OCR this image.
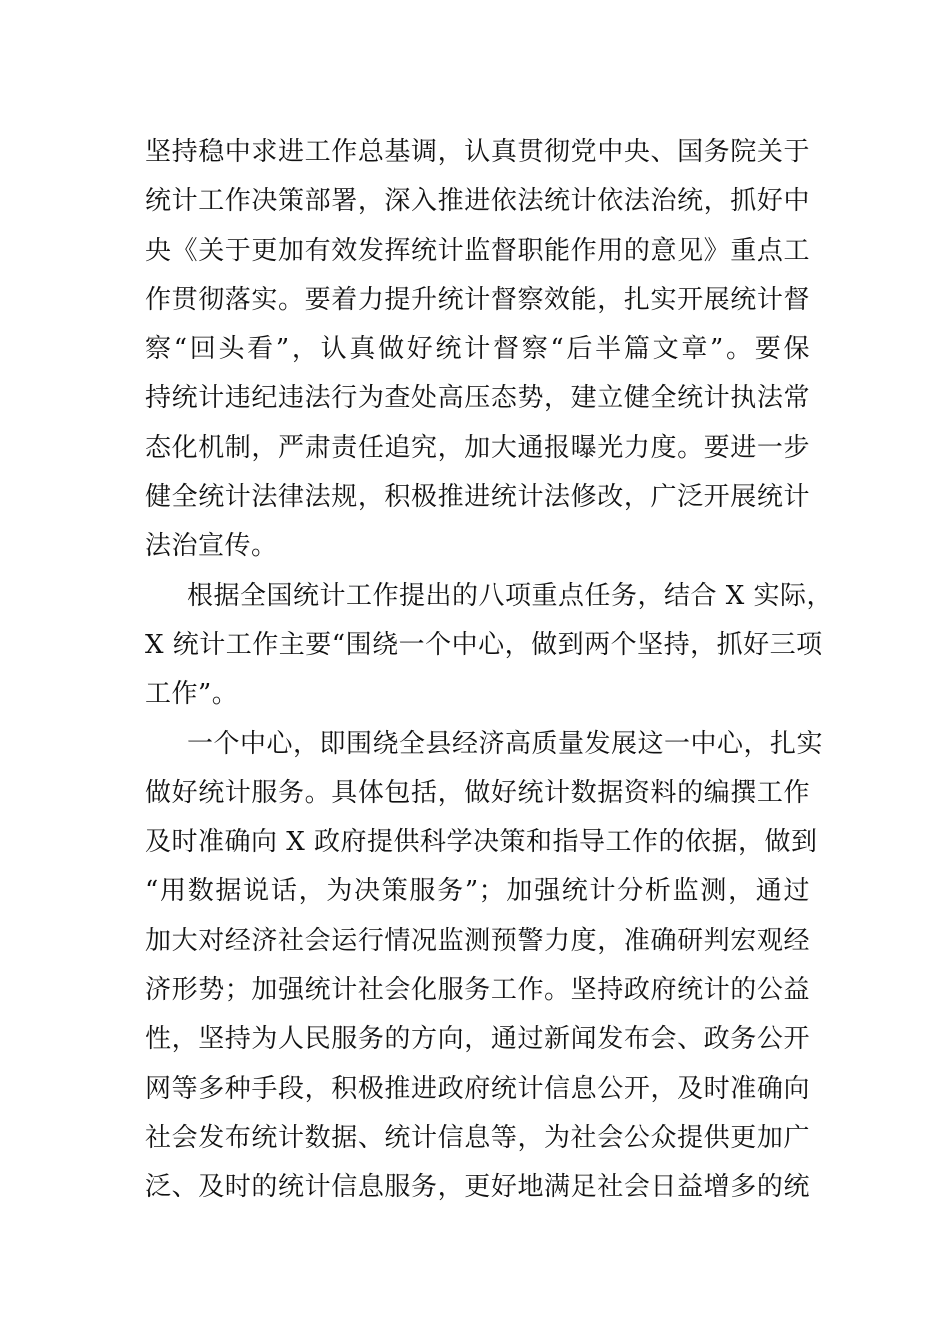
坚持稳中求进工作总基调，认真贯彻党中央、国务院关于
统计工作决策部署，深入推进依法统计依法治统，抓好中
央《关于更加有效发挥统计监督职能作用的意见》重点工
作贯彻落实。要着力提升统计督察效能，扎实开展统计督
察“回头看”，认真做好统计督察“后半篇文章”。要保
持统计违纪违法行为查处高压态势，建立健全统计执法常
态化机制，严肃责任追究，加大通报曝光力度。要进一步
健全统计法律法规，积极推进统计法修改，广泛开展统计
法治宣传。

根据全国统计工作提出的八项重点任务，结合 X 实际，
X 统计工作主要“围绕一个中心，做到两个坚持，抓好三项
工作”。

一个中心，即围绕全县经济高质量发展这一中心，扎实
做好统计服务。具体包括，做好统计数据资料的编撰工作
及时准确向 X 政府提供科学决策和指导工作的依据，做到
“用数据说话，为决策服务”；加强统计分析监测，通过
加大对经济社会运行情况监测预警力度，准确研判宏观经
济形势；加强统计社会化服务工作。坚持政府统计的公益
性，坚持为人民服务的方向，通过新闻发布会、政务公开
网等多种手段，积极推进政府统计信息公开，及时准确向
社会发布统计数据、统计信息等，为社会公众提供更加广
泛、及时的统计信息服务，更好地满足社会日益增多的统
